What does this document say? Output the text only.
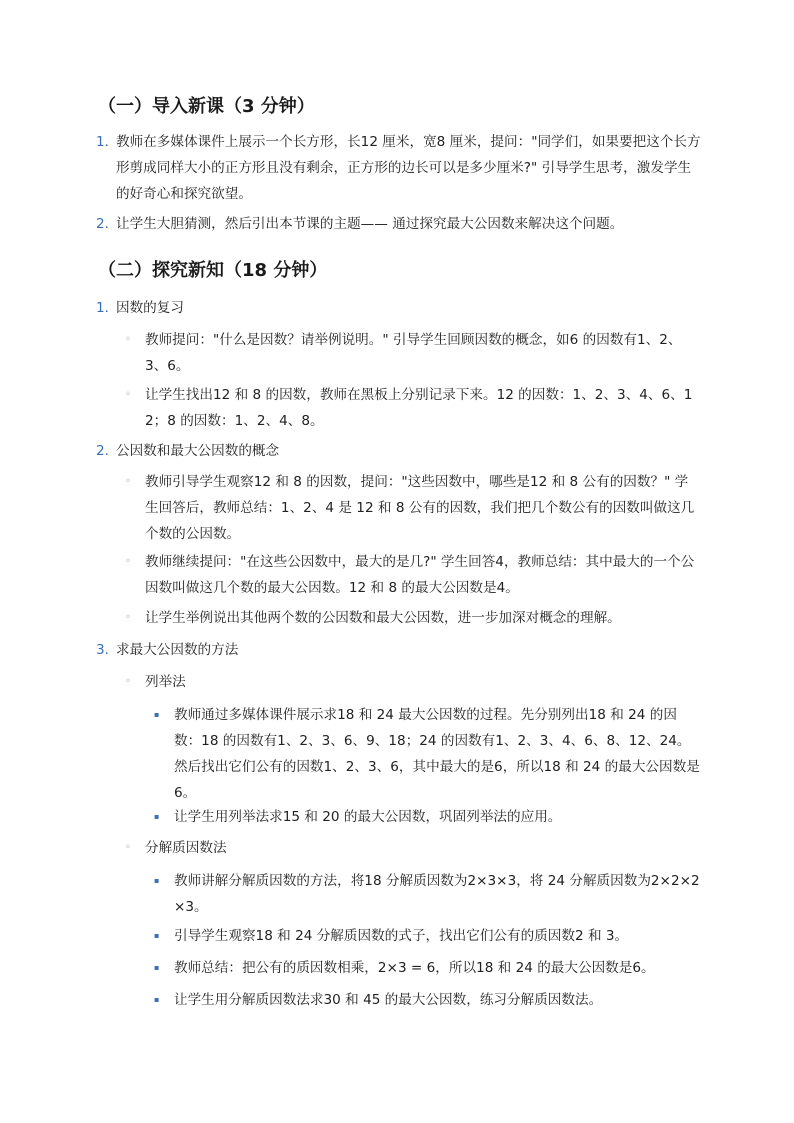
（一）导入新课（3 分钟）
1. 教师在多媒体课件上展示一个长方形，长12 厘米，宽8 厘米，提问："同学们，如果要把这个长方形剪成同样大小的正方形且没有剩余，正方形的边长可以是多少厘米?" 引导学生思考，激发学生的好奇心和探究欲望。
2. 让学生大胆猜测，然后引出本节课的主题—— 通过探究最大公因数来解决这个问题。
（二）探究新知（18 分钟）
1. 因数的复习
◦ 教师提问："什么是因数？请举例说明。" 引导学生回顾因数的概念，如6 的因数有1、2、3、6。
◦ 让学生找出12 和 8 的因数，教师在黑板上分别记录下来。12 的因数：1、2、3、4、6、12；8 的因数：1、2、4、8。
2. 公因数和最大公因数的概念
◦ 教师引导学生观察12 和 8 的因数，提问："这些因数中，哪些是12 和 8 公有的因数？" 学生回答后，教师总结：1、2、4 是 12 和 8 公有的因数，我们把几个数公有的因数叫做这几个数的公因数。
◦ 教师继续提问："在这些公因数中，最大的是几?" 学生回答4，教师总结：其中最大的一个公因数叫做这几个数的最大公因数。12 和 8 的最大公因数是4。
◦ 让学生举例说出其他两个数的公因数和最大公因数，进一步加深对概念的理解。
3. 求最大公因数的方法
◦ 列举法
▪ 教师通过多媒体课件展示求18 和 24 最大公因数的过程。先分别列出18 和 24 的因数：18 的因数有1、2、3、6、9、18；24 的因数有1、2、3、4、6、8、12、24。然后找出它们公有的因数1、2、3、6，其中最大的是6，所以18 和 24 的最大公因数是6。
▪ 让学生用列举法求15 和 20 的最大公因数，巩固列举法的应用。
◦ 分解质因数法
▪ 教师讲解分解质因数的方法，将18 分解质因数为2×3×3，将 24 分解质因数为2×2×2×3。
▪ 引导学生观察18 和 24 分解质因数的式子，找出它们公有的质因数2 和 3。
▪ 教师总结：把公有的质因数相乘，2×3 = 6，所以18 和 24 的最大公因数是6。
▪ 让学生用分解质因数法求30 和 45 的最大公因数，练习分解质因数法。
